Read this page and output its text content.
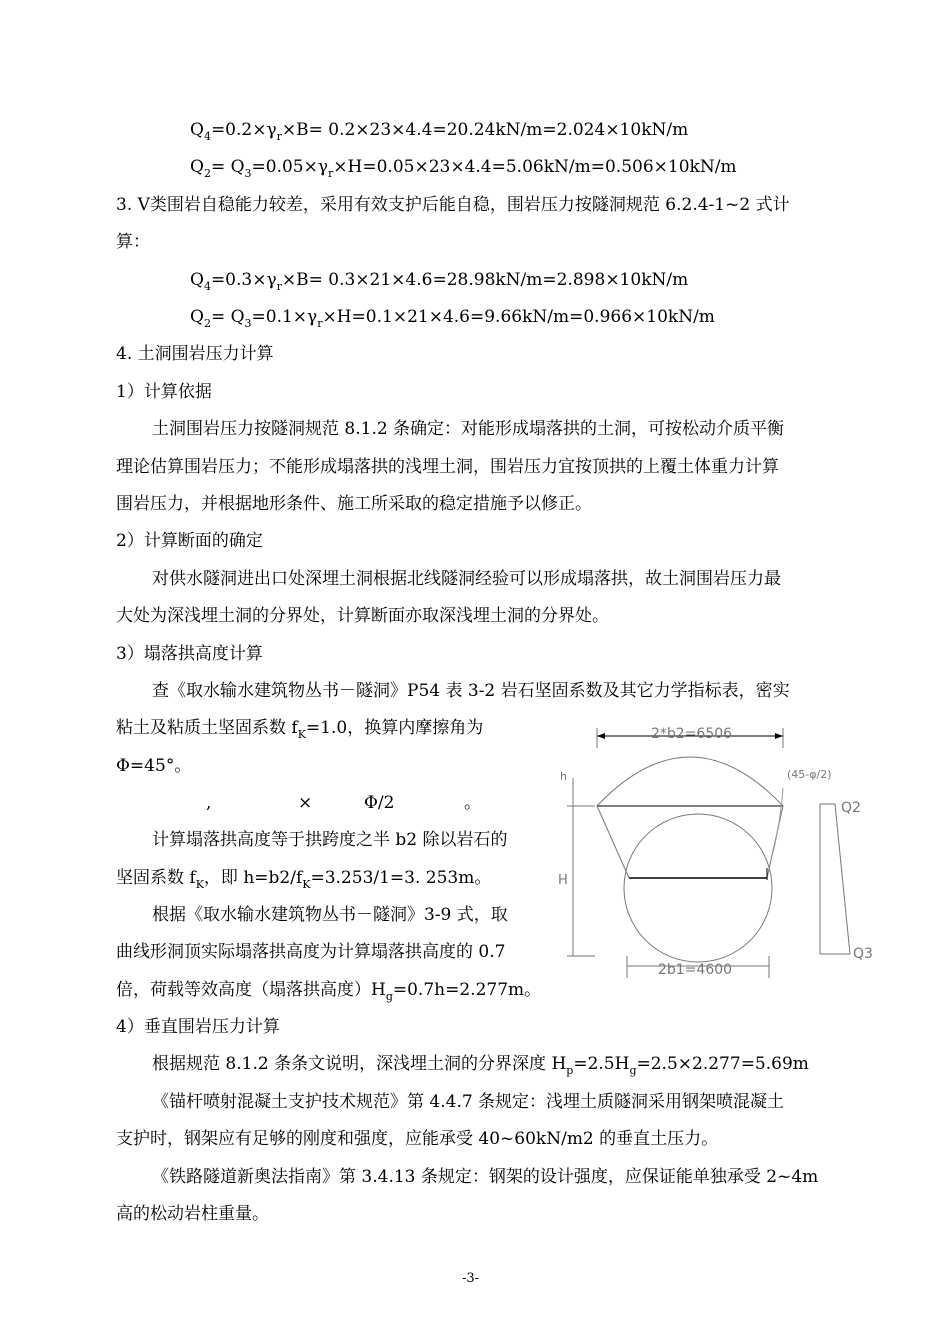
$Q_4=0.2\times\gamma_r\times B= 0.2\times 23\times 4.4=20.24kN/m=2.024\times 10kN/m$
$Q_2= Q_3=0.05\times\gamma_r\times H=0.05\times 23\times 4.4=5.06kN/m=0.506\times 10kN/m$
3. Ⅴ类围岩自稳能力较差，采用有效支护后能自稳，围岩压力按隧洞规范 6.2.4-1~2 式计
算：
$Q_4=0.3\times\gamma_r\times B= 0.3\times 21\times 4.6=28.98kN/m=2.898\times 10kN/m$
$Q_2= Q_3=0.1\times\gamma_r\times H=0.1\times 21\times 4.6=9.66kN/m=0.966\times 10kN/m$
4. 土洞围岩压力计算
1）计算依据
土洞围岩压力按隧洞规范 8.1.2 条确定：对能形成塌落拱的土洞，可按松动介质平衡
理论估算围岩压力；不能形成塌落拱的浅埋土洞，围岩压力宜按顶拱的上覆土体重力计算
围岩压力，并根据地形条件、施工所采取的稳定措施予以修正。
2）计算断面的确定
对供水隧洞进出口处深埋土洞根据北线隧洞经验可以形成塌落拱，故土洞围岩压力最
大处为深浅埋土洞的分界处，计算断面亦取深浅埋土洞的分界处。
3）塌落拱高度计算
查《取水输水建筑物丛书－隧洞》P54 表 3-2 岩石坚固系数及其它力学指标表，密实
粘土及粘质土坚固系数 $f_K=1.0$，换算内摩擦角为
Φ=45°。
,	×	Φ/2	。
计算塌落拱高度等于拱跨度之半 b2 除以岩石的
坚固系数 $f_K$，即 $h=b2/f_K=3.253/1=3$. 253m。
根据《取水输水建筑物丛书－隧洞》3-9 式，取
曲线形洞顶实际塌落拱高度为计算塌落拱高度的 0.7
倍，荷载等效高度（塌落拱高度）$H_g=0.7h=2.277m$。
4）垂直围岩压力计算
根据规范 8.1.2 条条文说明，深浅埋土洞的分界深度 $H_p=2.5H_g=2.5\times 2.277=5.69m$
《锚杆喷射混凝土支护技术规范》第 4.4.7 条规定：浅埋土质隧洞采用钢架喷混凝土
支护时，钢架应有足够的刚度和强度，应能承受 40~60kN/m2 的垂直土压力。
《铁路隧道新奥法指南》第 3.4.13 条规定：钢架的设计强度，应保证能单独承受 2~4m
高的松动岩柱重量。
2*b2=6506
(45-φ/2)
h
H
Q2
Q3
2b1=4600
-3-
